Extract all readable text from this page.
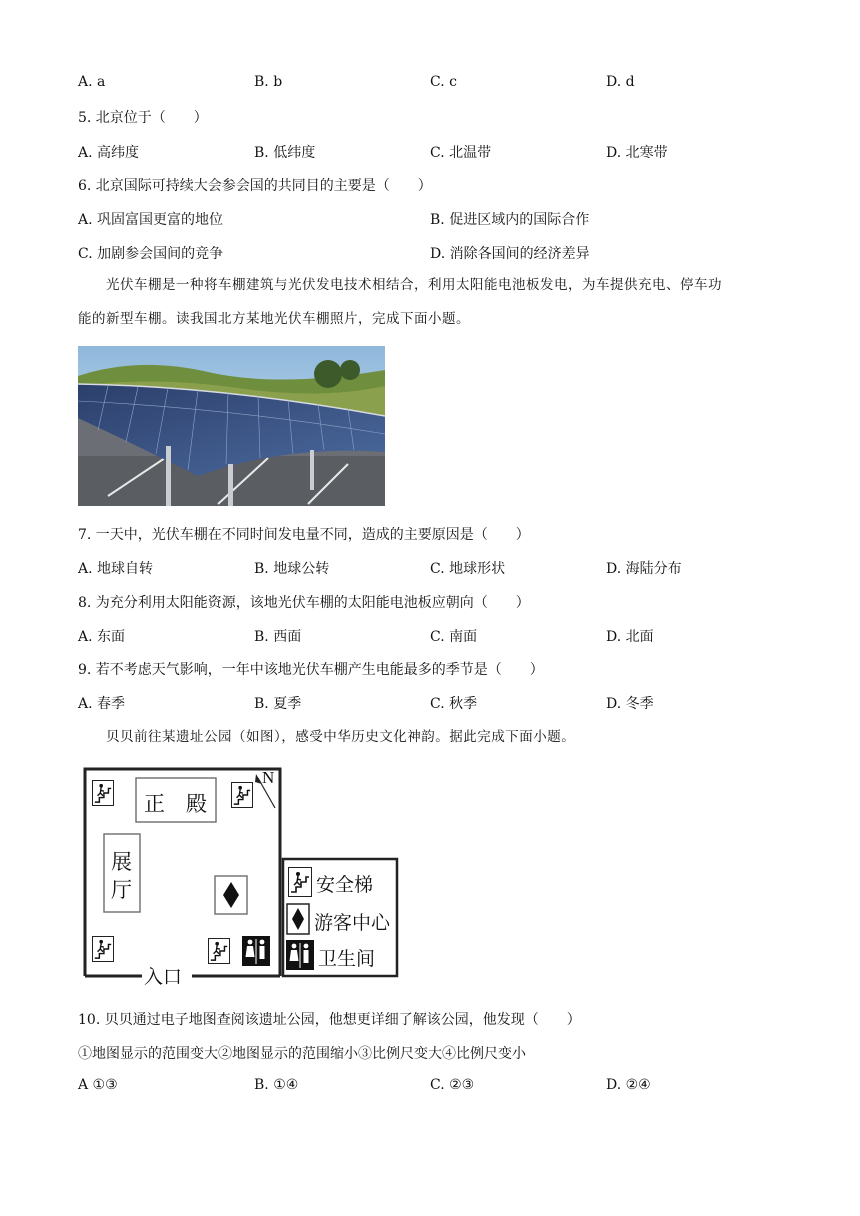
A. a	B. b	C. c	D. d
5. 北京位于（　　）
A. 高纬度	B. 低纬度	C. 北温带	D. 北寒带
6. 北京国际可持续大会参会国的共同目的主要是（　　）
A. 巩固富国更富的地位	B. 促进区域内的国际合作
C. 加剧参会国间的竞争	D. 消除各国间的经济差异
光伏车棚是一种将车棚建筑与光伏发电技术相结合，利用太阳能电池板发电，为车提供充电、停车功
能的新型车棚。读我国北方某地光伏车棚照片，完成下面小题。
7. 一天中，光伏车棚在不同时间发电量不同，造成的主要原因是（　　）
A. 地球自转	B. 地球公转	C. 地球形状	D. 海陆分布
8. 为充分利用太阳能资源，该地光伏车棚的太阳能电池板应朝向（　　）
A. 东面	B. 西面	C. 南面	D. 北面
9. 若不考虑天气影响，一年中该地光伏车棚产生电能最多的季节是（　　）
A. 春季	B. 夏季	C. 秋季	D. 冬季
贝贝前往某遗址公园（如图），感受中华历史文化神韵。据此完成下面小题。
正　殿
展
厅
入口
N
安全梯
游客中心
卫生间
10. 贝贝通过电子地图查阅该遗址公园，他想更详细了解该公园，他发现（　　）
①地图显示的范围变大②地图显示的范围缩小③比例尺变大④比例尺变小
A ①③	B. ①④	C. ②③	D. ②④
